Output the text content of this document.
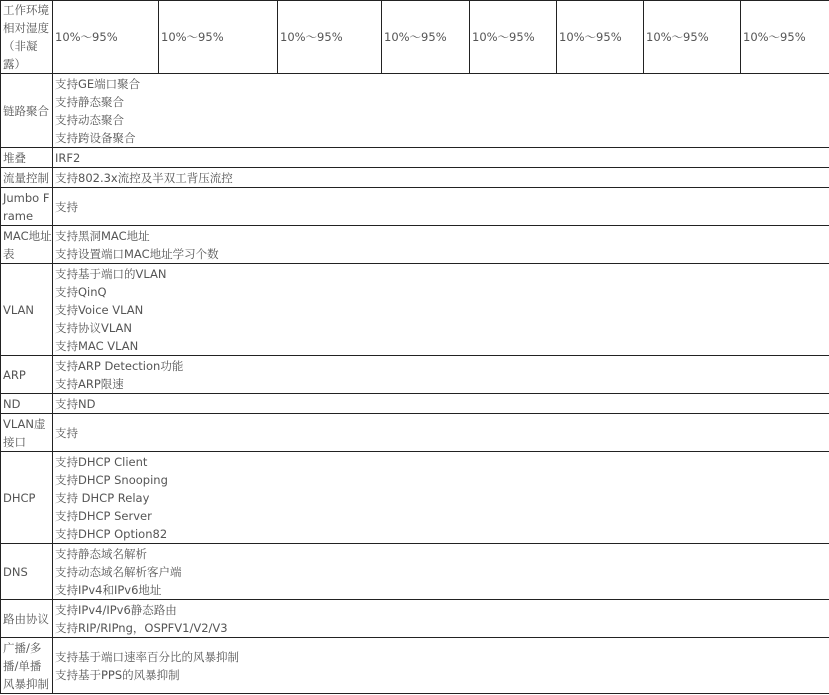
工作环境相对湿度（非凝露）	10%～95%	10%～95%	10%～95%	10%～95%	10%～95%	10%～95%	10%～95%	10%～95%
链路聚合	支持GE端口聚合
支持静态聚合
支持动态聚合
支持跨设备聚合							

堆叠	IRF2							

流量控制	支持802.3x流控及半双工背压流控							

Jumbo Frame	支持							

MAC地址表	支持黑洞MAC地址
支持设置端口MAC地址学习个数							

VLAN	支持基于端口的VLAN
支持QinQ
支持Voice VLAN
支持协议VLAN
支持MAC VLAN							

ARP	支持ARP Detection功能
支持ARP限速							

ND	支持ND							

VLAN虚接口	支持							

DHCP	支持DHCP Client
支持DHCP Snooping
支持 DHCP Relay
支持DHCP Server
支持DHCP Option82							

DNS	支持静态域名解析
支持动态域名解析客户端
支持IPv4和IPv6地址							

路由协议	支持IPv4/IPv6静态路由
支持RIP/RIPng，OSPFV1/V2/V3							

广播/多播/单播风暴抑制	支持基于端口速率百分比的风暴抑制
支持基于PPS的风暴抑制							
